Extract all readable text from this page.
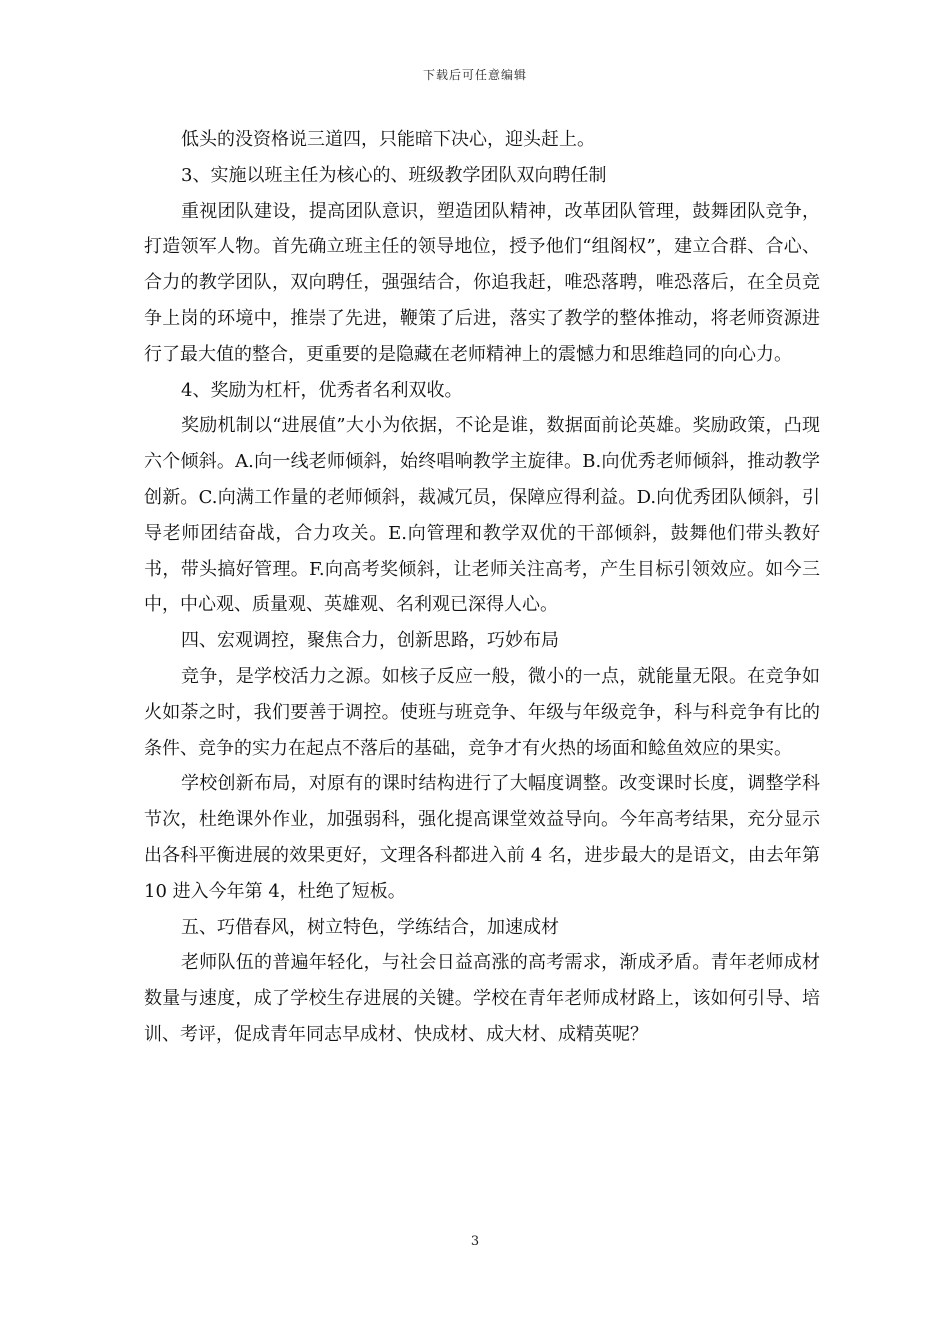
下载后可任意编辑

低头的没资格说三道四，只能暗下决心，迎头赶上。

3、实施以班主任为核心的、班级教学团队双向聘任制

重视团队建设，提高团队意识，塑造团队精神，改革团队管理，鼓舞团队竞争，打造领军人物。首先确立班主任的领导地位，授予他们“组阁权”，建立合群、合心、合力的教学团队，双向聘任，强强结合，你追我赶，唯恐落聘，唯恐落后，在全员竞争上岗的环境中，推崇了先进，鞭策了后进，落实了教学的整体推动，将老师资源进行了最大值的整合，更重要的是隐藏在老师精神上的震憾力和思维趋同的向心力。

4、奖励为杠杆，优秀者名利双收。

奖励机制以“进展值”大小为依据，不论是谁，数据面前论英雄。奖励政策，凸现六个倾斜。A.向一线老师倾斜，始终唱响教学主旋律。B.向优秀老师倾斜，推动教学创新。C.向满工作量的老师倾斜，裁减冗员，保障应得利益。D.向优秀团队倾斜，引导老师团结奋战，合力攻关。E.向管理和教学双优的干部倾斜，鼓舞他们带头教好书，带头搞好管理。F.向高考奖倾斜，让老师关注高考，产生目标引领效应。如今三中，中心观、质量观、英雄观、名利观已深得人心。

四、宏观调控，聚焦合力，创新思路，巧妙布局

竞争，是学校活力之源。如核子反应一般，微小的一点，就能量无限。在竞争如火如荼之时，我们要善于调控。使班与班竞争、年级与年级竞争，科与科竞争有比的条件、竞争的实力在起点不落后的基础，竞争才有火热的场面和鲶鱼效应的果实。

学校创新布局，对原有的课时结构进行了大幅度调整。改变课时长度，调整学科节次，杜绝课外作业，加强弱科，强化提高课堂效益导向。今年高考结果，充分显示出各科平衡进展的效果更好，文理各科都进入前 4 名，进步最大的是语文，由去年第 10 进入今年第 4，杜绝了短板。

五、巧借春风，树立特色，学练结合，加速成材

老师队伍的普遍年轻化，与社会日益高涨的高考需求，渐成矛盾。青年老师成材数量与速度，成了学校生存进展的关键。学校在青年老师成材路上，该如何引导、培训、考评，促成青年同志早成材、快成材、成大材、成精英呢？

3
